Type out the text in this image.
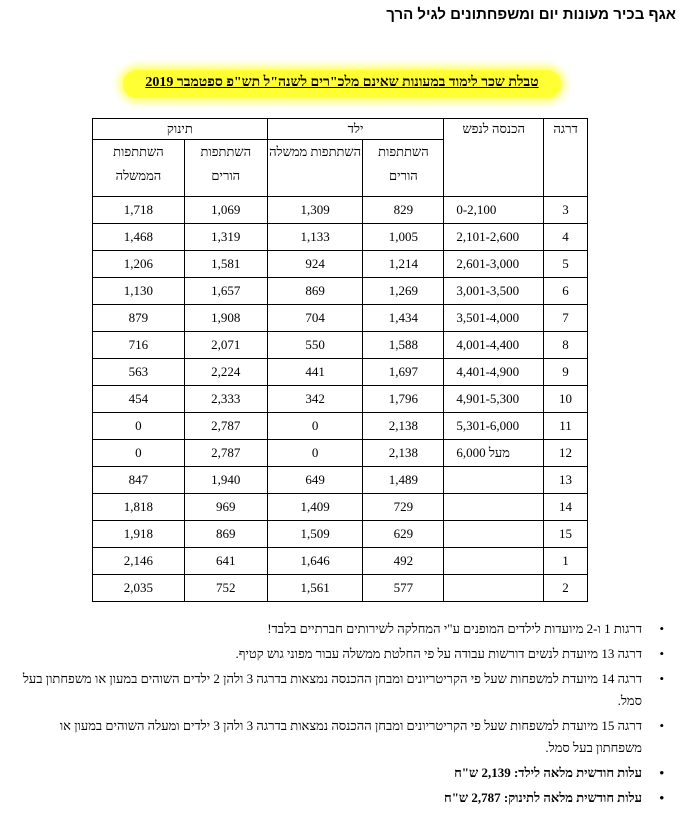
אגף בכיר מעונות יום ומשפחתונים לגיל הרך
טבלת שכר לימוד במעונות שאינם מלכ"רים לשנה"ל תש"פ ספטמבר 2019
דרגה	הכנסה לנפש	ילד		תינוק	
		השתתפות הורים	השתתפות ממשלה	השתתפות הורים	השתתפות הממשלה
3	0-2,100	829	1,309	1,069	1,718
4	2,101-2,600	1,005	1,133	1,319	1,468
5	2,601-3,000	1,214	924	1,581	1,206
6	3,001-3,500	1,269	869	1,657	1,130
7	3,501-4,000	1,434	704	1,908	879
8	4,001-4,400	1,588	550	2,071	716
9	4,401-4,900	1,697	441	2,224	563
10	4,901-5,300	1,796	342	2,333	454
11	5,301-6,000	2,138	0	2,787	0
12	מעל 6,000	2,138	0	2,787	0
13		1,489	649	1,940	847
14		729	1,409	969	1,818
15		629	1,509	869	1,918
1		492	1,646	641	2,146
2		577	1,561	752	2,035
•
דרגות 1 ו-2 מיועדות לילדים המופנים ע"י המחלקה לשירותים חברתיים בלבד!
•
דרגה 13 מיועדת לנשים דורשות עבודה על פי החלטת ממשלה עבור מפוני גוש קטיף.
•
דרגה 14 מיועדת למשפחות שעל פי הקריטריונים ומבחן ההכנסה נמצאות בדרגה 3 ולהן 2 ילדים השוהים במעון או משפחתון בעל סמל.
•
דרגה 15 מיועדת למשפחות שעל פי הקריטריונים ומבחן ההכנסה נמצאות בדרגה 3 ולהן 3 ילדים ומעלה השוהים במעון או משפחתון בעל סמל.
•
עלות חודשית מלאה לילד: 2,139 ש"ח
•
עלות חודשית מלאה לתינוק: 2,787 ש"ח
